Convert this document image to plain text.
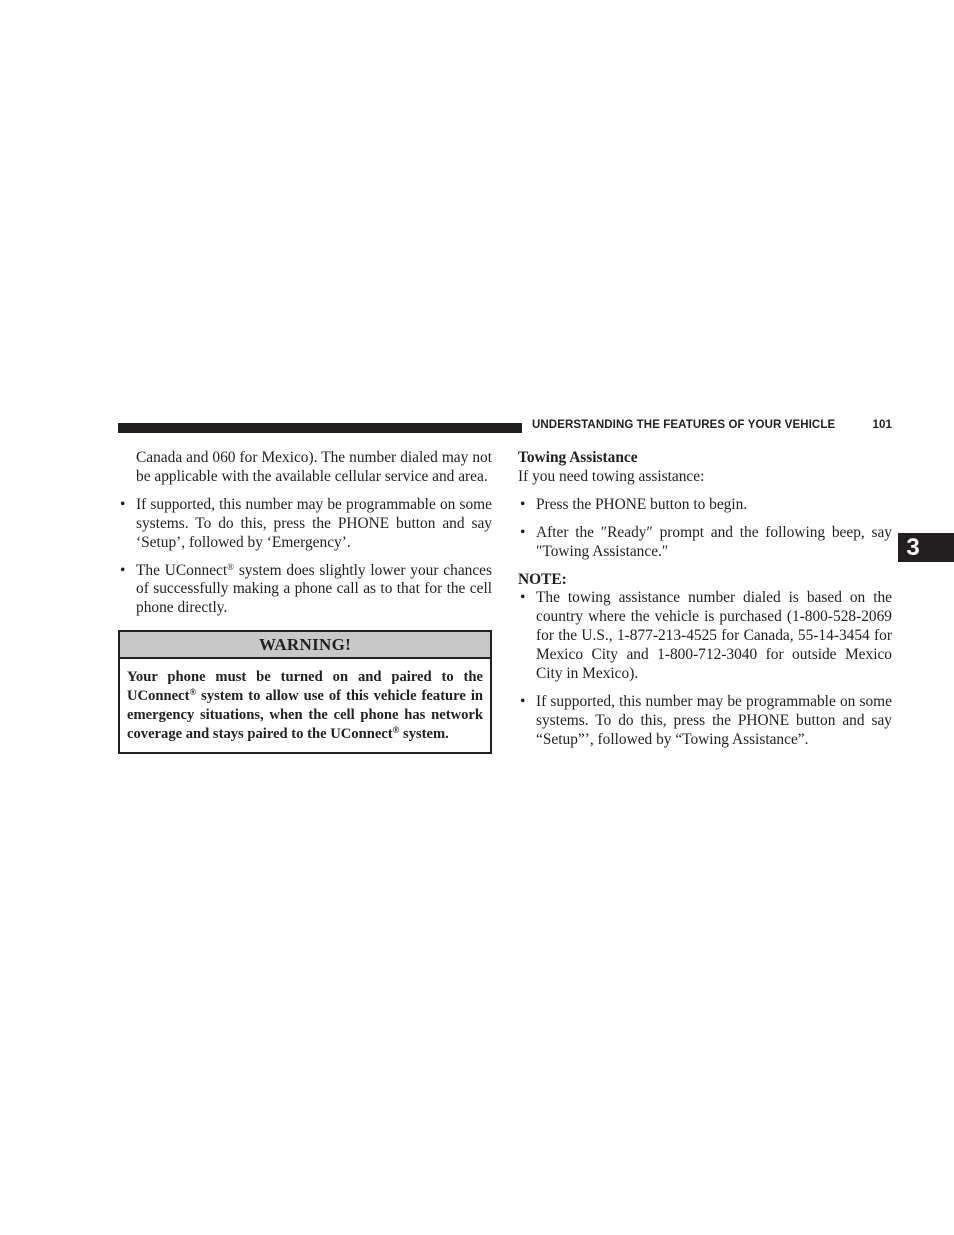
UNDERSTANDING THE FEATURES OF YOUR VEHICLE	101
3

Canada and 060 for Mexico). The number dialed may not be applicable with the available cellular service and area.

• If supported, this number may be programmable on some systems. To do this, press the PHONE button and say ‘Setup’, followed by ‘Emergency’.
• The UConnect® system does slightly lower your chances of successfully making a phone call as to that for the cell phone directly.
WARNING!
Your phone must be turned on and paired to the UConnect® system to allow use of this vehicle feature in emergency situations, when the cell phone has network coverage and stays paired to the UConnect® system.

Towing Assistance

If you need towing assistance:

• Press the PHONE button to begin.
• After the ″Ready″ prompt and the following beep, say ″Towing Assistance.″

NOTE:

• The towing assistance number dialed is based on the country where the vehicle is purchased (1-800-528-2069 for the U.S., 1-877-213-4525 for Canada, 55-14-3454 for Mexico City and 1-800-712-3040 for outside Mexico City in Mexico).
• If supported, this number may be programmable on some systems. To do this, press the PHONE button and say “Setup”’, followed by “Towing Assistance”.
